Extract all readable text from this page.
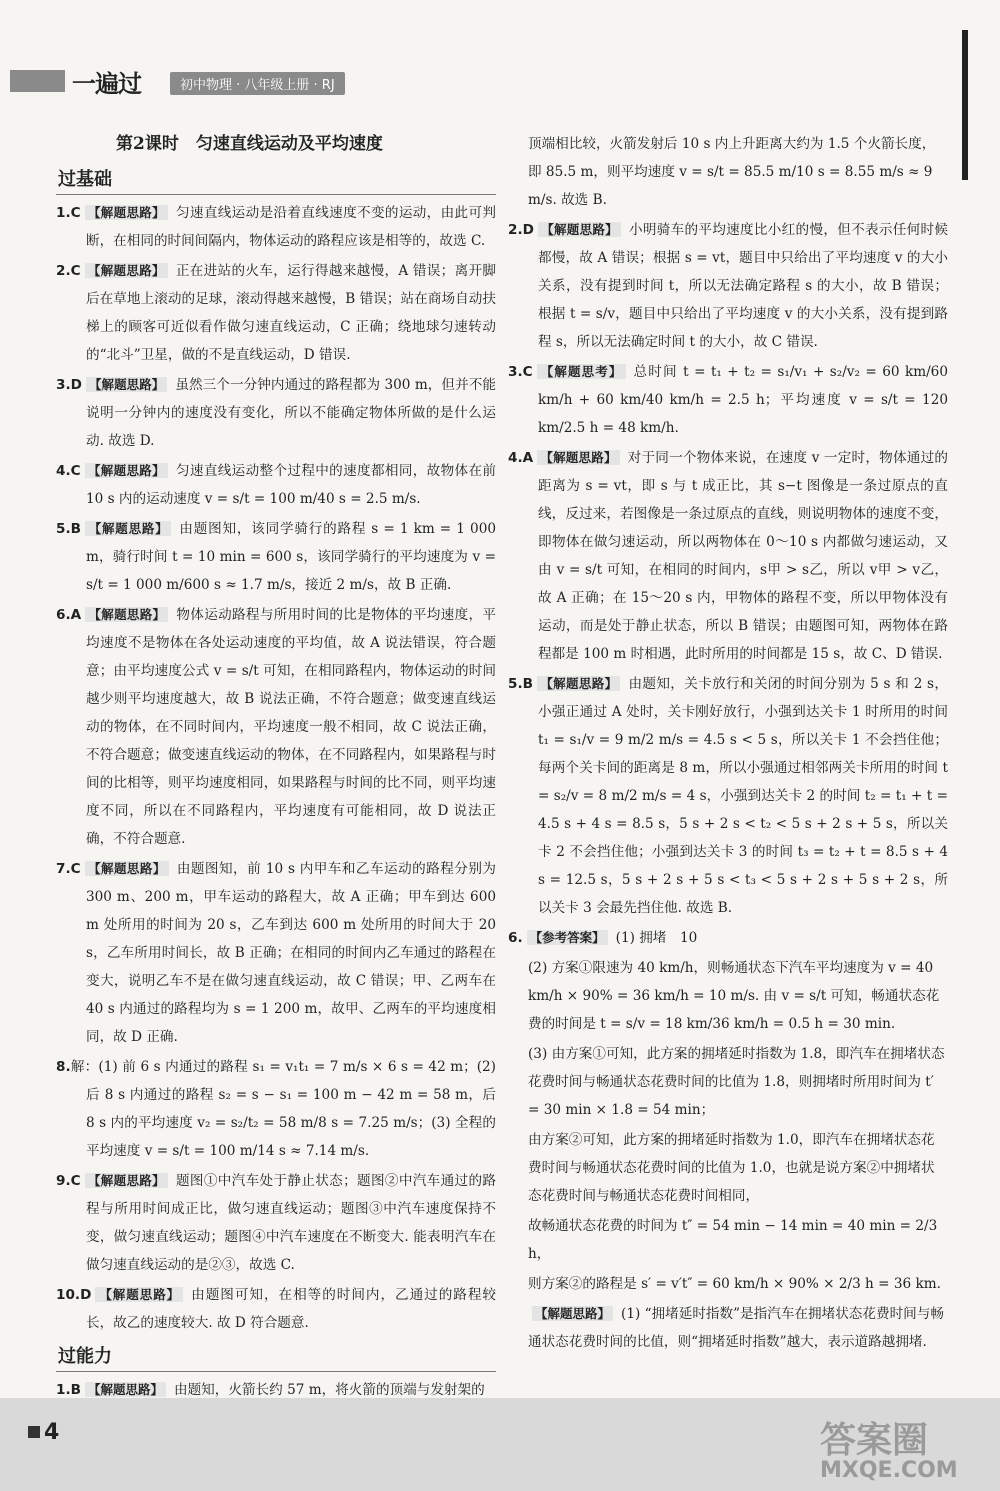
一遍过	初中物理 · 八年级上册 · RJ
第2课时　匀速直线运动及平均速度
过基础
1.C 【解题思路】 匀速直线运动是沿着直线速度不变的运动，由此可判断，在相同的时间间隔内，物体运动的路程应该是相等的，故选 C.
2.C 【解题思路】 正在进站的火车，运行得越来越慢，A 错误；离开脚后在草地上滚动的足球，滚动得越来越慢，B 错误；站在商场自动扶梯上的顾客可近似看作做匀速直线运动，C 正确；绕地球匀速转动的“北斗”卫星，做的不是直线运动，D 错误.
3.D 【解题思路】 虽然三个一分钟内通过的路程都为 300 m，但并不能说明一分钟内的速度没有变化，所以不能确定物体所做的是什么运动. 故选 D.
4.C 【解题思路】 匀速直线运动整个过程中的速度都相同，故物体在前 10 s 内的运动速度 v = s/t = 100 m/40 s = 2.5 m/s.
5.B 【解题思路】 由题图知，该同学骑行的路程 s = 1 km = 1 000 m，骑行时间 t = 10 min = 600 s，该同学骑行的平均速度为 v = s/t = 1 000 m/600 s ≈ 1.7 m/s，接近 2 m/s，故 B 正确.
6.A 【解题思路】 物体运动路程与所用时间的比是物体的平均速度，平均速度不是物体在各处运动速度的平均值，故 A 说法错误，符合题意；由平均速度公式 v = s/t 可知，在相同路程内，物体运动的时间越少则平均速度越大，故 B 说法正确，不符合题意；做变速直线运动的物体，在不同时间内，平均速度一般不相同，故 C 说法正确，不符合题意；做变速直线运动的物体，在不同路程内，如果路程与时间的比相等，则平均速度相同，如果路程与时间的比不同，则平均速度不同，所以在不同路程内，平均速度有可能相同，故 D 说法正确，不符合题意.
7.C 【解题思路】 由题图知，前 10 s 内甲车和乙车运动的路程分别为 300 m、200 m，甲车运动的路程大，故 A 正确；甲车到达 600 m 处所用的时间为 20 s，乙车到达 600 m 处所用的时间大于 20 s，乙车所用时间长，故 B 正确；在相同的时间内乙车通过的路程在变大，说明乙车不是在做匀速直线运动，故 C 错误；甲、乙两车在 40 s 内通过的路程均为 s = 1 200 m，故甲、乙两车的平均速度相同，故 D 正确.
8.解：(1) 前 6 s 内通过的路程 s₁ = v₁t₁ = 7 m/s × 6 s = 42 m；(2) 后 8 s 内通过的路程 s₂ = s − s₁ = 100 m − 42 m = 58 m，后 8 s 内的平均速度 v₂ = s₂/t₂ = 58 m/8 s = 7.25 m/s；(3) 全程的平均速度 v = s/t = 100 m/14 s ≈ 7.14 m/s.
9.C 【解题思路】 题图①中汽车处于静止状态；题图②中汽车通过的路程与所用时间成正比，做匀速直线运动；题图③中汽车速度保持不变，做匀速直线运动；题图④中汽车速度在不断变大. 能表明汽车在做匀速直线运动的是②③，故选 C.
10.D 【解题思路】 由题图可知，在相等的时间内，乙通过的路程较长，故乙的速度较大. 故 D 符合题意.
过能力
1.B 【解题思路】 由题知，火箭长约 57 m，将火箭的顶端与发射架的
顶端相比较，火箭发射后 10 s 内上升距离大约为 1.5 个火箭长度，即 85.5 m，则平均速度 v = s/t = 85.5 m/10 s = 8.55 m/s ≈ 9 m/s. 故选 B.
2.D 【解题思路】 小明骑车的平均速度比小红的慢，但不表示任何时候都慢，故 A 错误；根据 s = vt，题目中只给出了平均速度 v 的大小关系，没有提到时间 t，所以无法确定路程 s 的大小，故 B 错误；根据 t = s/v，题目中只给出了平均速度 v 的大小关系，没有提到路程 s，所以无法确定时间 t 的大小，故 C 错误.
3.C 【解题思考】 总时间 t = t₁ + t₂ = s₁/v₁ + s₂/v₂ = 60 km/60 km/h + 60 km/40 km/h = 2.5 h；平均速度 v = s/t = 120 km/2.5 h = 48 km/h.
4.A 【解题思路】 对于同一个物体来说，在速度 v 一定时，物体通过的距离为 s = vt，即 s 与 t 成正比，其 s−t 图像是一条过原点的直线，反过来，若图像是一条过原点的直线，则说明物体的速度不变，即物体在做匀速运动，所以两物体在 0～10 s 内都做匀速运动，又由 v = s/t 可知，在相同的时间内，s甲 > s乙，所以 v甲 > v乙，故 A 正确；在 15～20 s 内，甲物体的路程不变，所以甲物体没有运动，而是处于静止状态，所以 B 错误；由题图可知，两物体在路程都是 100 m 时相遇，此时所用的时间都是 15 s，故 C、D 错误.
5.B 【解题思路】 由题知，关卡放行和关闭的时间分别为 5 s 和 2 s，小强正通过 A 处时，关卡刚好放行，小强到达关卡 1 时所用的时间 t₁ = s₁/v = 9 m/2 m/s = 4.5 s < 5 s，所以关卡 1 不会挡住他；每两个关卡间的距离是 8 m，所以小强通过相邻两关卡所用的时间 t = s₂/v = 8 m/2 m/s = 4 s，小强到达关卡 2 的时间 t₂ = t₁ + t = 4.5 s + 4 s = 8.5 s，5 s + 2 s < t₂ < 5 s + 2 s + 5 s，所以关卡 2 不会挡住他；小强到达关卡 3 的时间 t₃ = t₂ + t = 8.5 s + 4 s = 12.5 s，5 s + 2 s + 5 s < t₃ < 5 s + 2 s + 5 s + 2 s，所以关卡 3 会最先挡住他. 故选 B.
6. 【参考答案】 (1) 拥堵　10
(2) 方案①限速为 40 km/h，则畅通状态下汽车平均速度为 v = 40 km/h × 90% = 36 km/h = 10 m/s. 由 v = s/t 可知，畅通状态花费的时间是 t = s/v = 18 km/36 km/h = 0.5 h = 30 min.
(3) 由方案①可知，此方案的拥堵延时指数为 1.8，即汽车在拥堵状态花费时间与畅通状态花费时间的比值为 1.8，则拥堵时所用时间为 t′ = 30 min × 1.8 = 54 min；
由方案②可知，此方案的拥堵延时指数为 1.0，即汽车在拥堵状态花费时间与畅通状态花费时间的比值为 1.0，也就是说方案②中拥堵状态花费时间与畅通状态花费时间相同，
故畅通状态花费的时间为 t″ = 54 min − 14 min = 40 min = 2/3 h，
则方案②的路程是 s′ = v′t″ = 60 km/h × 90% × 2/3 h = 36 km.
【解题思路】 (1) “拥堵延时指数”是指汽车在拥堵状态花费时间与畅通状态花费时间的比值，则“拥堵延时指数”越大，表示道路越拥堵.
4	答案圈
MXQE.COM
